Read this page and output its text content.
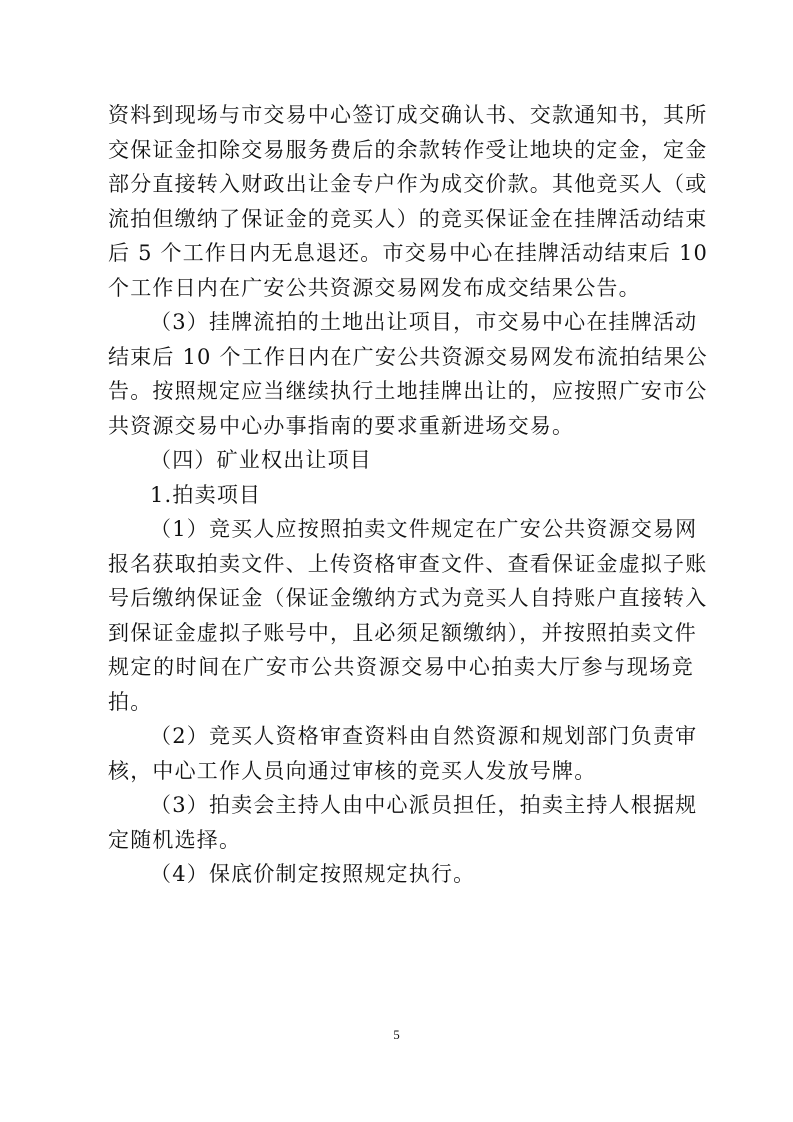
资料到现场与市交易中心签订成交确认书、交款通知书，其所
交保证金扣除交易服务费后的余款转作受让地块的定金，定金
部分直接转入财政出让金专户作为成交价款。其他竞买人（或
流拍但缴纳了保证金的竞买人）的竞买保证金在挂牌活动结束
后 5 个工作日内无息退还。市交易中心在挂牌活动结束后 10
个工作日内在广安公共资源交易网发布成交结果公告。
（3）挂牌流拍的土地出让项目，市交易中心在挂牌活动
结束后 10 个工作日内在广安公共资源交易网发布流拍结果公
告。按照规定应当继续执行土地挂牌出让的，应按照广安市公
共资源交易中心办事指南的要求重新进场交易。
（四）矿业权出让项目
1.拍卖项目
（1）竞买人应按照拍卖文件规定在广安公共资源交易网
报名获取拍卖文件、上传资格审查文件、查看保证金虚拟子账
号后缴纳保证金（保证金缴纳方式为竞买人自持账户直接转入
到保证金虚拟子账号中，且必须足额缴纳），并按照拍卖文件
规定的时间在广安市公共资源交易中心拍卖大厅参与现场竞
拍。
（2）竞买人资格审查资料由自然资源和规划部门负责审
核，中心工作人员向通过审核的竞买人发放号牌。
（3）拍卖会主持人由中心派员担任，拍卖主持人根据规
定随机选择。
（4）保底价制定按照规定执行。
5
